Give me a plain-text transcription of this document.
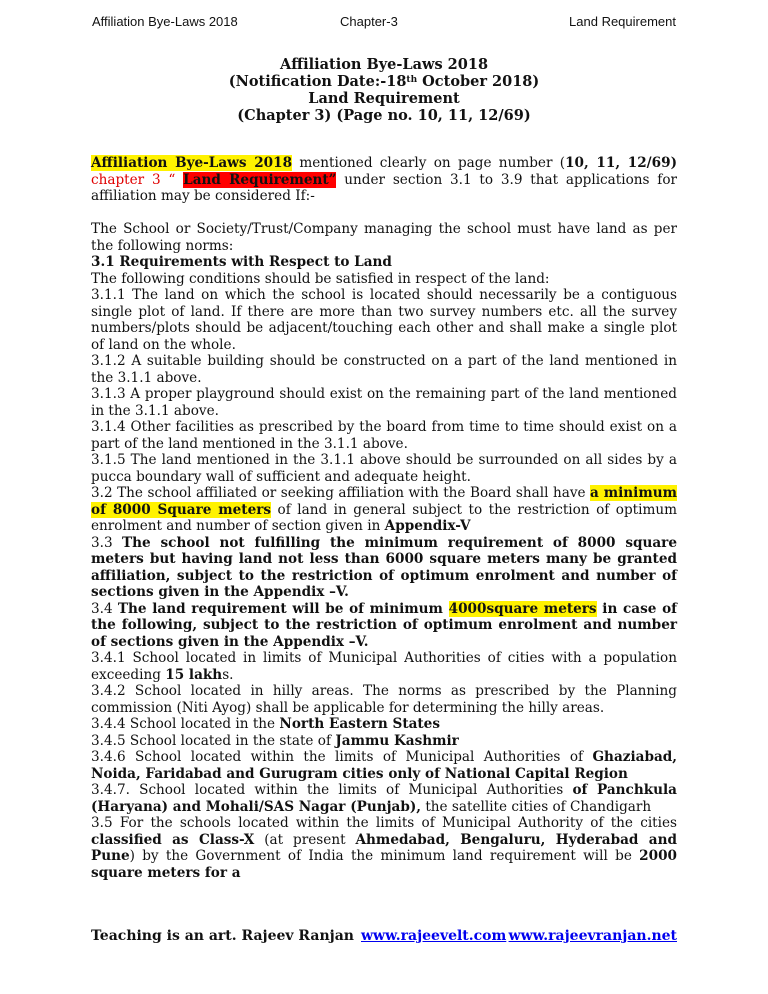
Affiliation Bye-Laws 2018	Chapter-3	Land Requirement
Affiliation Bye-Laws 2018
(Notification Date:-18th October 2018)
Land Requirement
(Chapter 3) (Page no. 10, 11, 12/69)

Affiliation Bye-Laws 2018 mentioned clearly on page number (10, 11, 12/69) chapter 3 “ Land Requirement” under section 3.1 to 3.9 that applications for affiliation may be considered If:-

The School or Society/Trust/Company managing the school must have land as per the following norms:

3.1 Requirements with Respect to Land

The following conditions should be satisfied in respect of the land:

3.1.1 The land on which the school is located should necessarily be a contiguous single plot of land. If there are more than two survey numbers etc. all the survey numbers/plots should be adjacent/touching each other and shall make a single plot of land on the whole.

3.1.2 A suitable building should be constructed on a part of the land mentioned in the 3.1.1 above.

3.1.3 A proper playground should exist on the remaining part of the land mentioned in the 3.1.1 above.

3.1.4 Other facilities as prescribed by the board from time to time should exist on a part of the land mentioned in the 3.1.1 above.

3.1.5 The land mentioned in the 3.1.1 above should be surrounded on all sides by a pucca boundary wall of sufficient and adequate height.

3.2 The school affiliated or seeking affiliation with the Board shall have a minimum of 8000 Square meters of land in general subject to the restriction of optimum enrolment and number of section given in Appendix-V

3.3 The school not fulfilling the minimum requirement of 8000 square meters but having land not less than 6000 square meters many be granted affiliation, subject to the restriction of optimum enrolment and number of sections given in the Appendix –V.

3.4 The land requirement will be of minimum 4000square meters in case of the following, subject to the restriction of optimum enrolment and number of sections given in the Appendix –V.

3.4.1 School located in limits of Municipal Authorities of cities with a population exceeding 15 lakhs.

3.4.2 School located in hilly areas. The norms as prescribed by the Planning commission (Niti Ayog) shall be applicable for determining the hilly areas.

3.4.4 School located in the North Eastern States

3.4.5 School located in the state of Jammu Kashmir

3.4.6 School located within the limits of Municipal Authorities of Ghaziabad, Noida, Faridabad and Gurugram cities only of National Capital Region

3.4.7. School located within the limits of Municipal Authorities of Panchkula (Haryana) and Mohali/SAS Nagar (Punjab), the satellite cities of Chandigarh

3.5 For the schools located within the limits of Municipal Authority of the cities classified as Class-X (at present Ahmedabad, Bengaluru, Hyderabad and Pune) by the Government of India the minimum land requirement will be 2000 square meters for a

Teaching is an art. Rajeev Ranjan www.rajeevelt.com www.rajeevranjan.net
